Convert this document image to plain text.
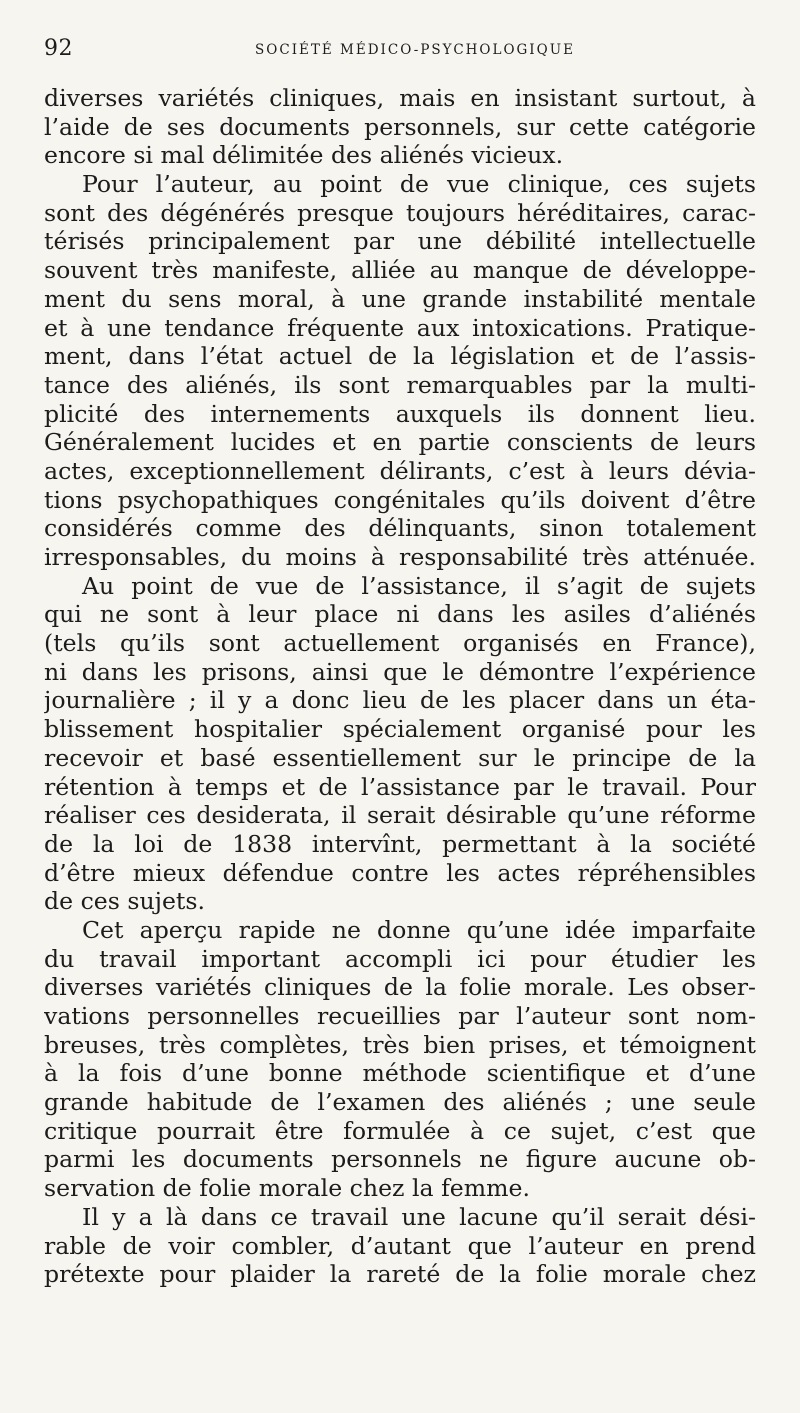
92	SOCIÉTÉ MÉDICO-PSYCHOLOGIQUE
diverses variétés cliniques, mais en insistant surtout, à
l’aide de ses documents personnels, sur cette catégorie
encore si mal délimitée des aliénés vicieux.
Pour l’auteur, au point de vue clinique, ces sujets
sont des dégénérés presque toujours héréditaires, carac-
térisés principalement par une débilité intellectuelle
souvent très manifeste, alliée au manque de développe-
ment du sens moral, à une grande instabilité mentale
et à une tendance fréquente aux intoxications. Pratique-
ment, dans l’état actuel de la législation et de l’assis-
tance des aliénés, ils sont remarquables par la multi-
plicité des internements auxquels ils donnent lieu.
Généralement lucides et en partie conscients de leurs
actes, exceptionnellement délirants, c’est à leurs dévia-
tions psychopathiques congénitales qu’ils doivent d’être
considérés comme des délinquants, sinon totalement
irresponsables, du moins à responsabilité très atténuée.
Au point de vue de l’assistance, il s’agit de sujets
qui ne sont à leur place ni dans les asiles d’aliénés
(tels qu’ils sont actuellement organisés en France),
ni dans les prisons, ainsi que le démontre l’expérience
journalière ; il y a donc lieu de les placer dans un éta-
blissement hospitalier spécialement organisé pour les
recevoir et basé essentiellement sur le principe de la
rétention à temps et de l’assistance par le travail. Pour
réaliser ces desiderata, il serait désirable qu’une réforme
de la loi de 1838 intervînt, permettant à la société
d’être mieux défendue contre les actes répréhensibles
de ces sujets.
Cet aperçu rapide ne donne qu’une idée imparfaite
du travail important accompli ici pour étudier les
diverses variétés cliniques de la folie morale. Les obser-
vations personnelles recueillies par l’auteur sont nom-
breuses, très complètes, très bien prises, et témoignent
à la fois d’une bonne méthode scientifique et d’une
grande habitude de l’examen des aliénés ; une seule
critique pourrait être formulée à ce sujet, c’est que
parmi les documents personnels ne figure aucune ob-
servation de folie morale chez la femme.
Il y a là dans ce travail une lacune qu’il serait dési-
rable de voir combler, d’autant que l’auteur en prend
prétexte pour plaider la rareté de la folie morale chez
